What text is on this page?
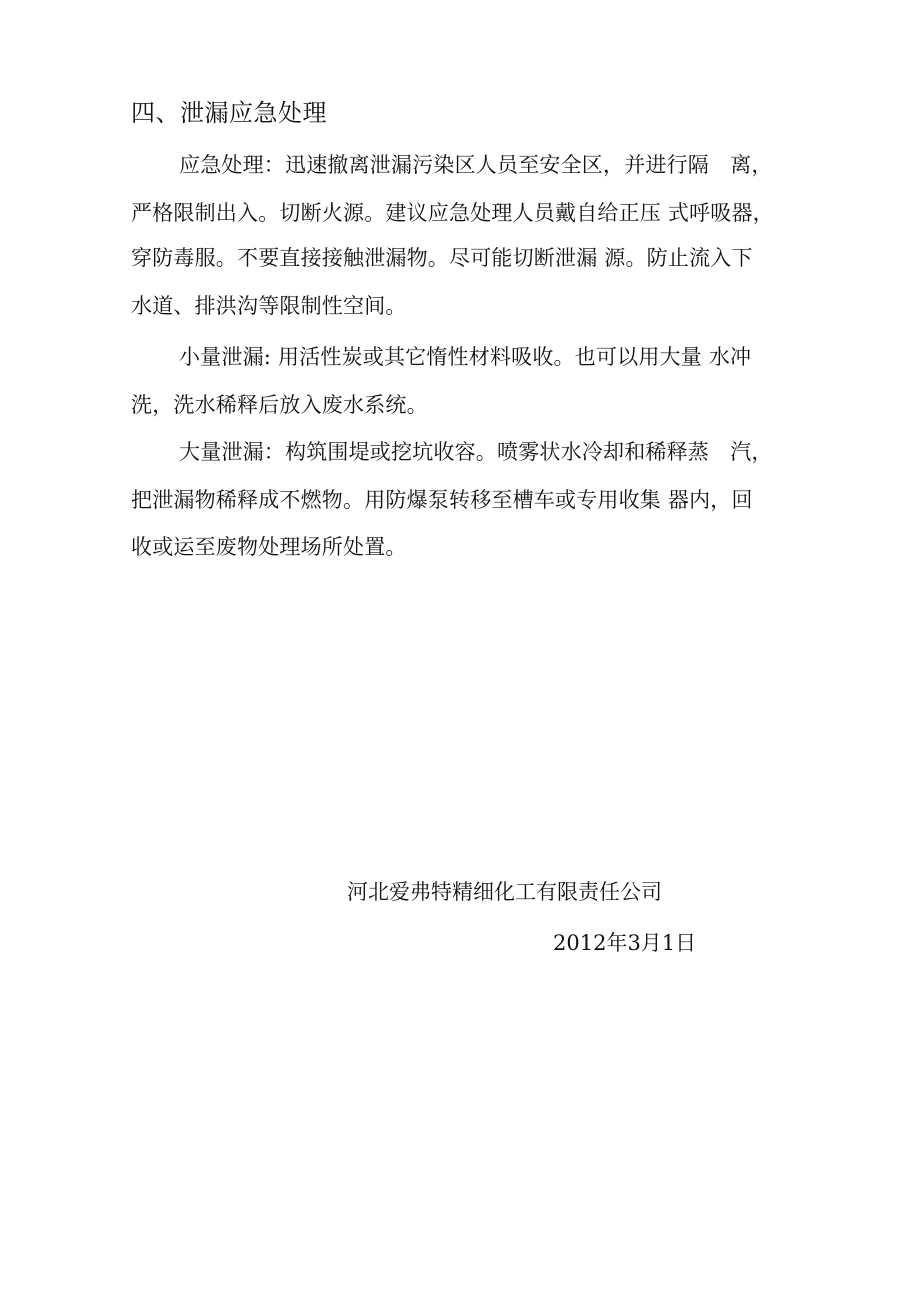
四、泄漏应急处理
应急处理：迅速撤离泄漏污染区人员至安全区，并进行隔　离，
严格限制出入。切断火源。建议应急处理人员戴自给正压 式呼吸器，
穿防毒服。不要直接接触泄漏物。尽可能切断泄漏 源。防止流入下
水道、排洪沟等限制性空间。
小量泄漏: 用活性炭或其它惰性材料吸收。也可以用大量 水冲
洗，洗水稀释后放入废水系统。
大量泄漏：构筑围堤或挖坑收容。喷雾状水冷却和稀释蒸　汽，
把泄漏物稀释成不燃物。用防爆泵转移至槽车或专用收集 器内，回
收或运至废物处理场所处置。
河北爱弗特精细化工有限责任公司
2012年3月1日
